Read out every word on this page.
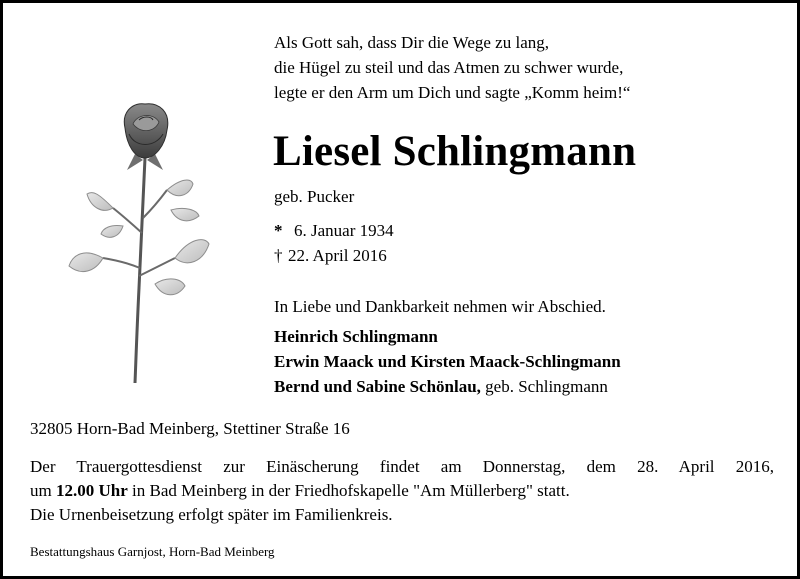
Als Gott sah, dass Dir die Wege zu lang,
die Hügel zu steil und das Atmen zu schwer wurde,
legte er den Arm um Dich und sagte „Komm heim!“
Liesel Schlingmann
geb. Pucker
* 6. Januar 1934
† 22. April 2016
In Liebe und Dankbarkeit nehmen wir Abschied.
Heinrich Schlingmann
Erwin Maack und Kirsten Maack-Schlingmann
Bernd und Sabine Schönlau, geb. Schlingmann
32805 Horn-Bad Meinberg, Stettiner Straße 16
Der Trauergottesdienst zur Einäscherung findet am Donnerstag, dem 28. April 2016,
um 12.00 Uhr in Bad Meinberg in der Friedhofskapelle "Am Müllerberg" statt.
Die Urnenbeisetzung erfolgt später im Familienkreis.
Bestattungshaus Garnjost, Horn-Bad Meinberg
